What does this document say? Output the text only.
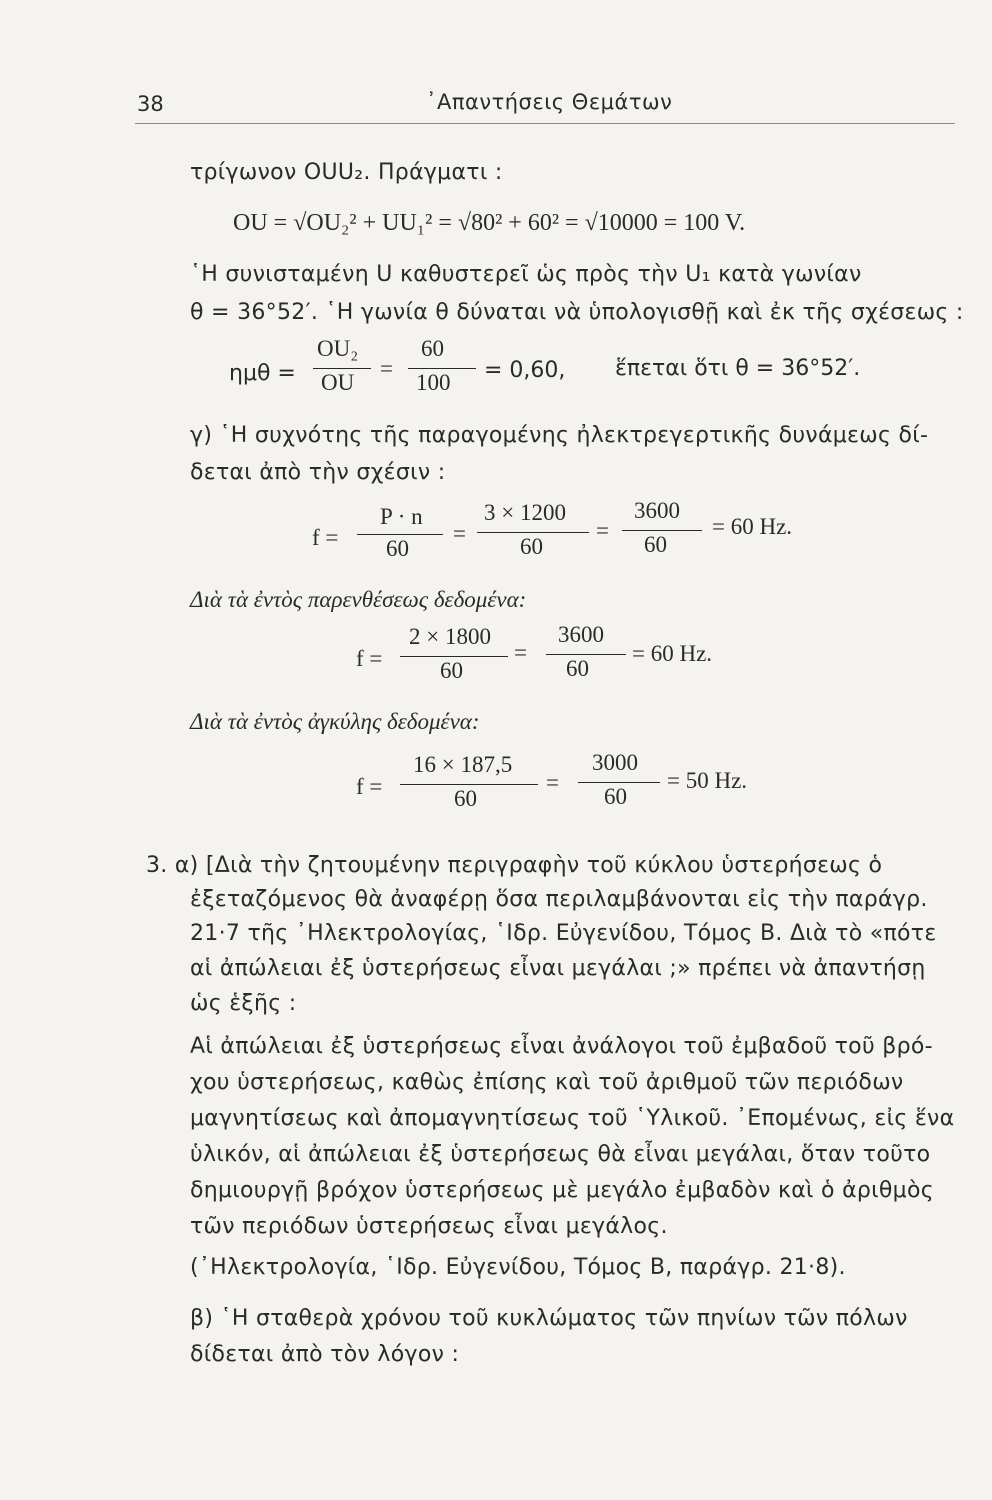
38	᾿Απαντήσεις Θεμάτων
τρίγωνον OUU₂. Πράγματι :
OU = √OU₂² + UU₁² = √80² + 60² = √10000 = 100 V.
῾Η συνισταμένη U καθυστερεῖ ὡς πρὸς τὴν U₁ κατὰ γωνίαν
θ = 36°52′. ῾Η γωνία θ δύναται νὰ ὑπολογισθῇ καὶ ἐκ τῆς σχέσεως :
ημθ =
OU₂
OU
=
60
100 = 0,60, ἕπεται ὅτι θ = 36°52′.
γ) ῾Η συχνότης τῆς παραγομένης ἠλεκτρεγερτικῆς δυνάμεως δί-
δεται ἀπὸ τὴν σχέσιν :
f =
P · n
60
=
3 × 1200
60
=
3600
60
= 60 Hz.
Διὰ τὰ ἐντὸς παρενθέσεως δεδομένα:
f =
2 × 1800
60
=
3600
60
= 60 Hz.
Διὰ τὰ ἐντὸς ἀγκύλης δεδομένα:
f =
16 × 187,5
60
=
3000
60
= 50 Hz.
3. α) [Διὰ τὴν ζητουμένην περιγραφὴν τοῦ κύκλου ὑστερήσεως ὁ
ἐξεταζόμενος θὰ ἀναφέρῃ ὅσα περιλαμβάνονται εἰς τὴν παράγρ.
21·7 τῆς ᾿Ηλεκτρολογίας, ῾Ιδρ. Εὐγενίδου, Τόμος Β. Διὰ τὸ «πότε
αἱ ἀπώλειαι ἐξ ὑστερήσεως εἶναι μεγάλαι ;» πρέπει νὰ ἀπαντήσῃ
ὡς ἑξῆς :
Αἱ ἀπώλειαι ἐξ ὑστερήσεως εἶναι ἀνάλογοι τοῦ ἐμβαδοῦ τοῦ βρό-
χου ὑστερήσεως, καθὼς ἐπίσης καὶ τοῦ ἀριθμοῦ τῶν περιόδων
μαγνητίσεως καὶ ἀπομαγνητίσεως τοῦ ῾Υλικοῦ. ᾿Επομένως, εἰς ἕνα
ὑλικόν, αἱ ἀπώλειαι ἐξ ὑστερήσεως θὰ εἶναι μεγάλαι, ὅταν τοῦτο
δημιουργῇ βρόχον ὑστερήσεως μὲ μεγάλο ἐμβαδὸν καὶ ὁ ἀριθμὸς
τῶν περιόδων ὑστερήσεως εἶναι μεγάλος.
(᾿Ηλεκτρολογία, ῾Ιδρ. Εὐγενίδου, Τόμος Β, παράγρ. 21·8).
β) ῾Η σταθερὰ χρόνου τοῦ κυκλώματος τῶν πηνίων τῶν πόλων
δίδεται ἀπὸ τὸν λόγον :
